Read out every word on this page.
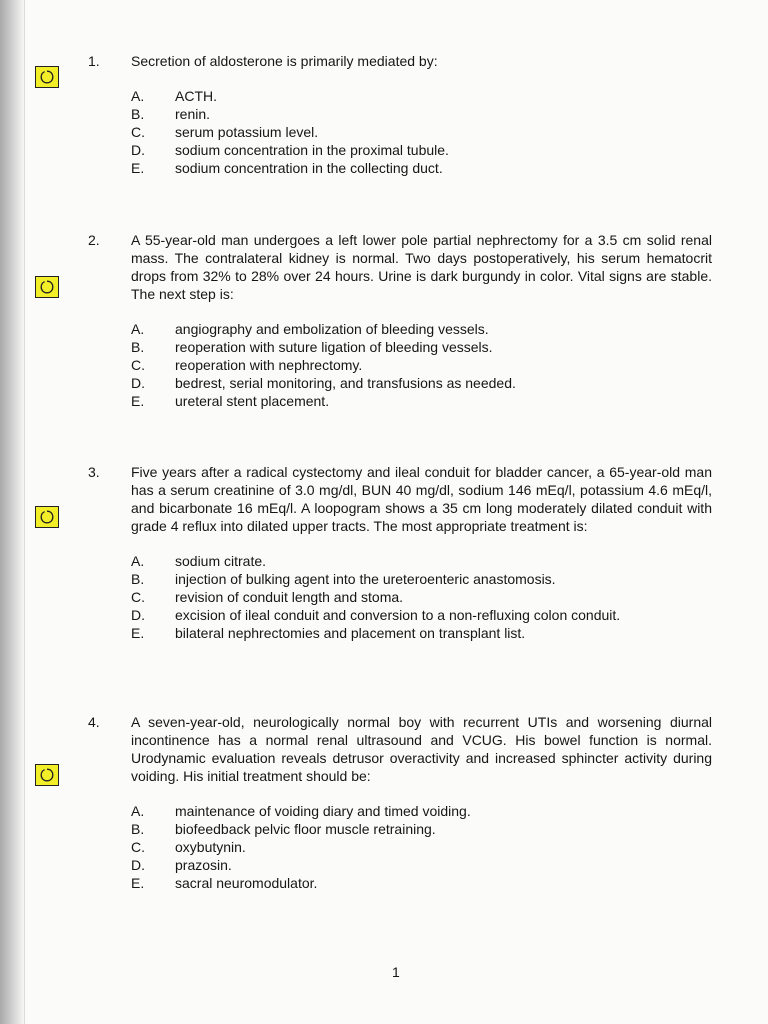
1. Secretion of aldosterone is primarily mediated by:
A. ACTH.
B. renin.
C. serum potassium level.
D. sodium concentration in the proximal tubule.
E. sodium concentration in the collecting duct.
2. A 55-year-old man undergoes a left lower pole partial nephrectomy for a 3.5 cm solid renal mass. The contralateral kidney is normal. Two days postoperatively, his serum hematocrit drops from 32% to 28% over 24 hours. Urine is dark burgundy in color. Vital signs are stable. The next step is:
A. angiography and embolization of bleeding vessels.
B. reoperation with suture ligation of bleeding vessels.
C. reoperation with nephrectomy.
D. bedrest, serial monitoring, and transfusions as needed.
E. ureteral stent placement.
3. Five years after a radical cystectomy and ileal conduit for bladder cancer, a 65-year-old man has a serum creatinine of 3.0 mg/dl, BUN 40 mg/dl, sodium 146 mEq/l, potassium 4.6 mEq/l, and bicarbonate 16 mEq/l. A loopogram shows a 35 cm long moderately dilated conduit with grade 4 reflux into dilated upper tracts. The most appropriate treatment is:
A. sodium citrate.
B. injection of bulking agent into the ureteroenteric anastomosis.
C. revision of conduit length and stoma.
D. excision of ileal conduit and conversion to a non-refluxing colon conduit.
E. bilateral nephrectomies and placement on transplant list.
4. A seven-year-old, neurologically normal boy with recurrent UTIs and worsening diurnal incontinence has a normal renal ultrasound and VCUG. His bowel function is normal. Urodynamic evaluation reveals detrusor overactivity and increased sphincter activity during voiding. His initial treatment should be:
A. maintenance of voiding diary and timed voiding.
B. biofeedback pelvic floor muscle retraining.
C. oxybutynin.
D. prazosin.
E. sacral neuromodulator.
1
